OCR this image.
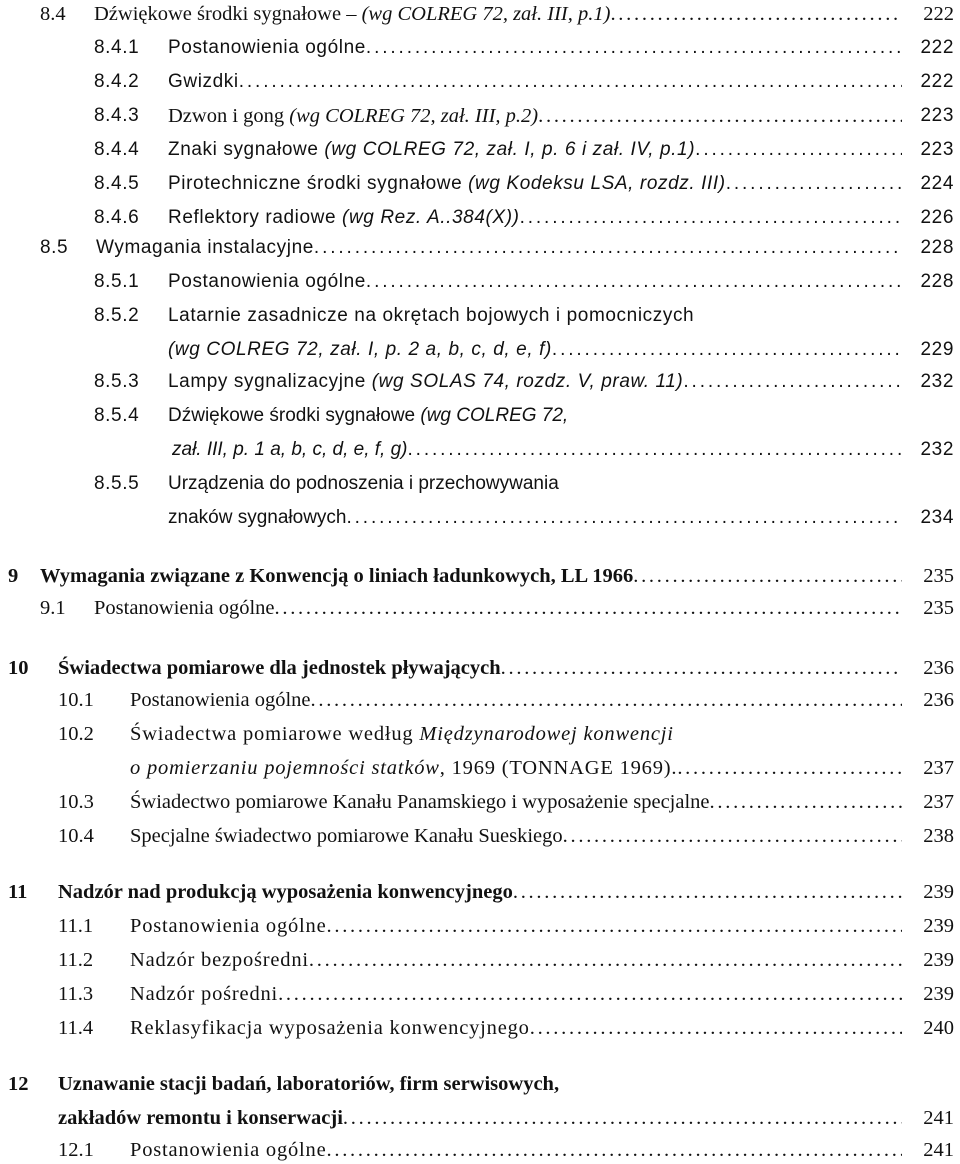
8.4 Dźwiękowe środki sygnałowe – (wg COLREG 72, zał. III, p.1) . . .	222
8.4.1 Postanowienia ogólne . . .	222
8.4.2 Gwizdki . . .	222
8.4.3 Dzwon i gong (wg COLREG 72, zał. III, p.2) . . .	223
8.4.4 Znaki sygnałowe (wg COLREG 72, zał. I, p. 6 i zał. IV, p.1) . . .	223
8.4.5 Pirotechniczne środki sygnałowe (wg Kodeksu LSA, rozdz. III) . . .	224
8.4.6 Reflektory radiowe (wg Rez. A..384(X)) . . .	226
8.5 Wymagania instalacyjne . . .	228
8.5.1 Postanowienia ogólne . . .	228
8.5.2 Latarnie zasadnicze na okrętach bojowych i pomocniczych
(wg COLREG 72, zał. I, p. 2 a, b, c, d, e, f) . . .	229
8.5.3 Lampy sygnalizacyjne (wg SOLAS 74, rozdz. V, praw. 11) . . .	232
8.5.4 Dźwiękowe środki sygnałowe (wg COLREG 72,
zał. III, p. 1 a, b, c, d, e, f, g) . . .	232
8.5.5 Urządzenia do podnoszenia i przechowywania
znaków sygnałowych . . .	234
9 Wymagania związane z Konwencją o liniach ładunkowych, LL 1966 . . .	235
9.1 Postanowienia ogólne . . .	235
10 Świadectwa pomiarowe dla jednostek pływających . . .	236
10.1 Postanowienia ogólne . . .	236
10.2 Świadectwa pomiarowe według Międzynarodowej konwencji
o pomierzaniu pojemności statków, 1969 (TONNAGE 1969). . . .	237
10.3 Świadectwo pomiarowe Kanału Panamskiego i wyposażenie specjalne . . .	237
10.4 Specjalne świadectwo pomiarowe Kanału Sueskiego . . .	238
11 Nadzór nad produkcją wyposażenia konwencyjnego . . .	239
11.1 Postanowienia ogólne . . .	239
11.2 Nadzór bezpośredni . . .	239
11.3 Nadzór pośredni . . .	239
11.4 Reklasyfikacja wyposażenia konwencyjnego . . .	240
12 Uznawanie stacji badań, laboratoriów, firm serwisowych,
zakładów remontu i konserwacji . . .	241
12.1 Postanowienia ogólne . . .	241
